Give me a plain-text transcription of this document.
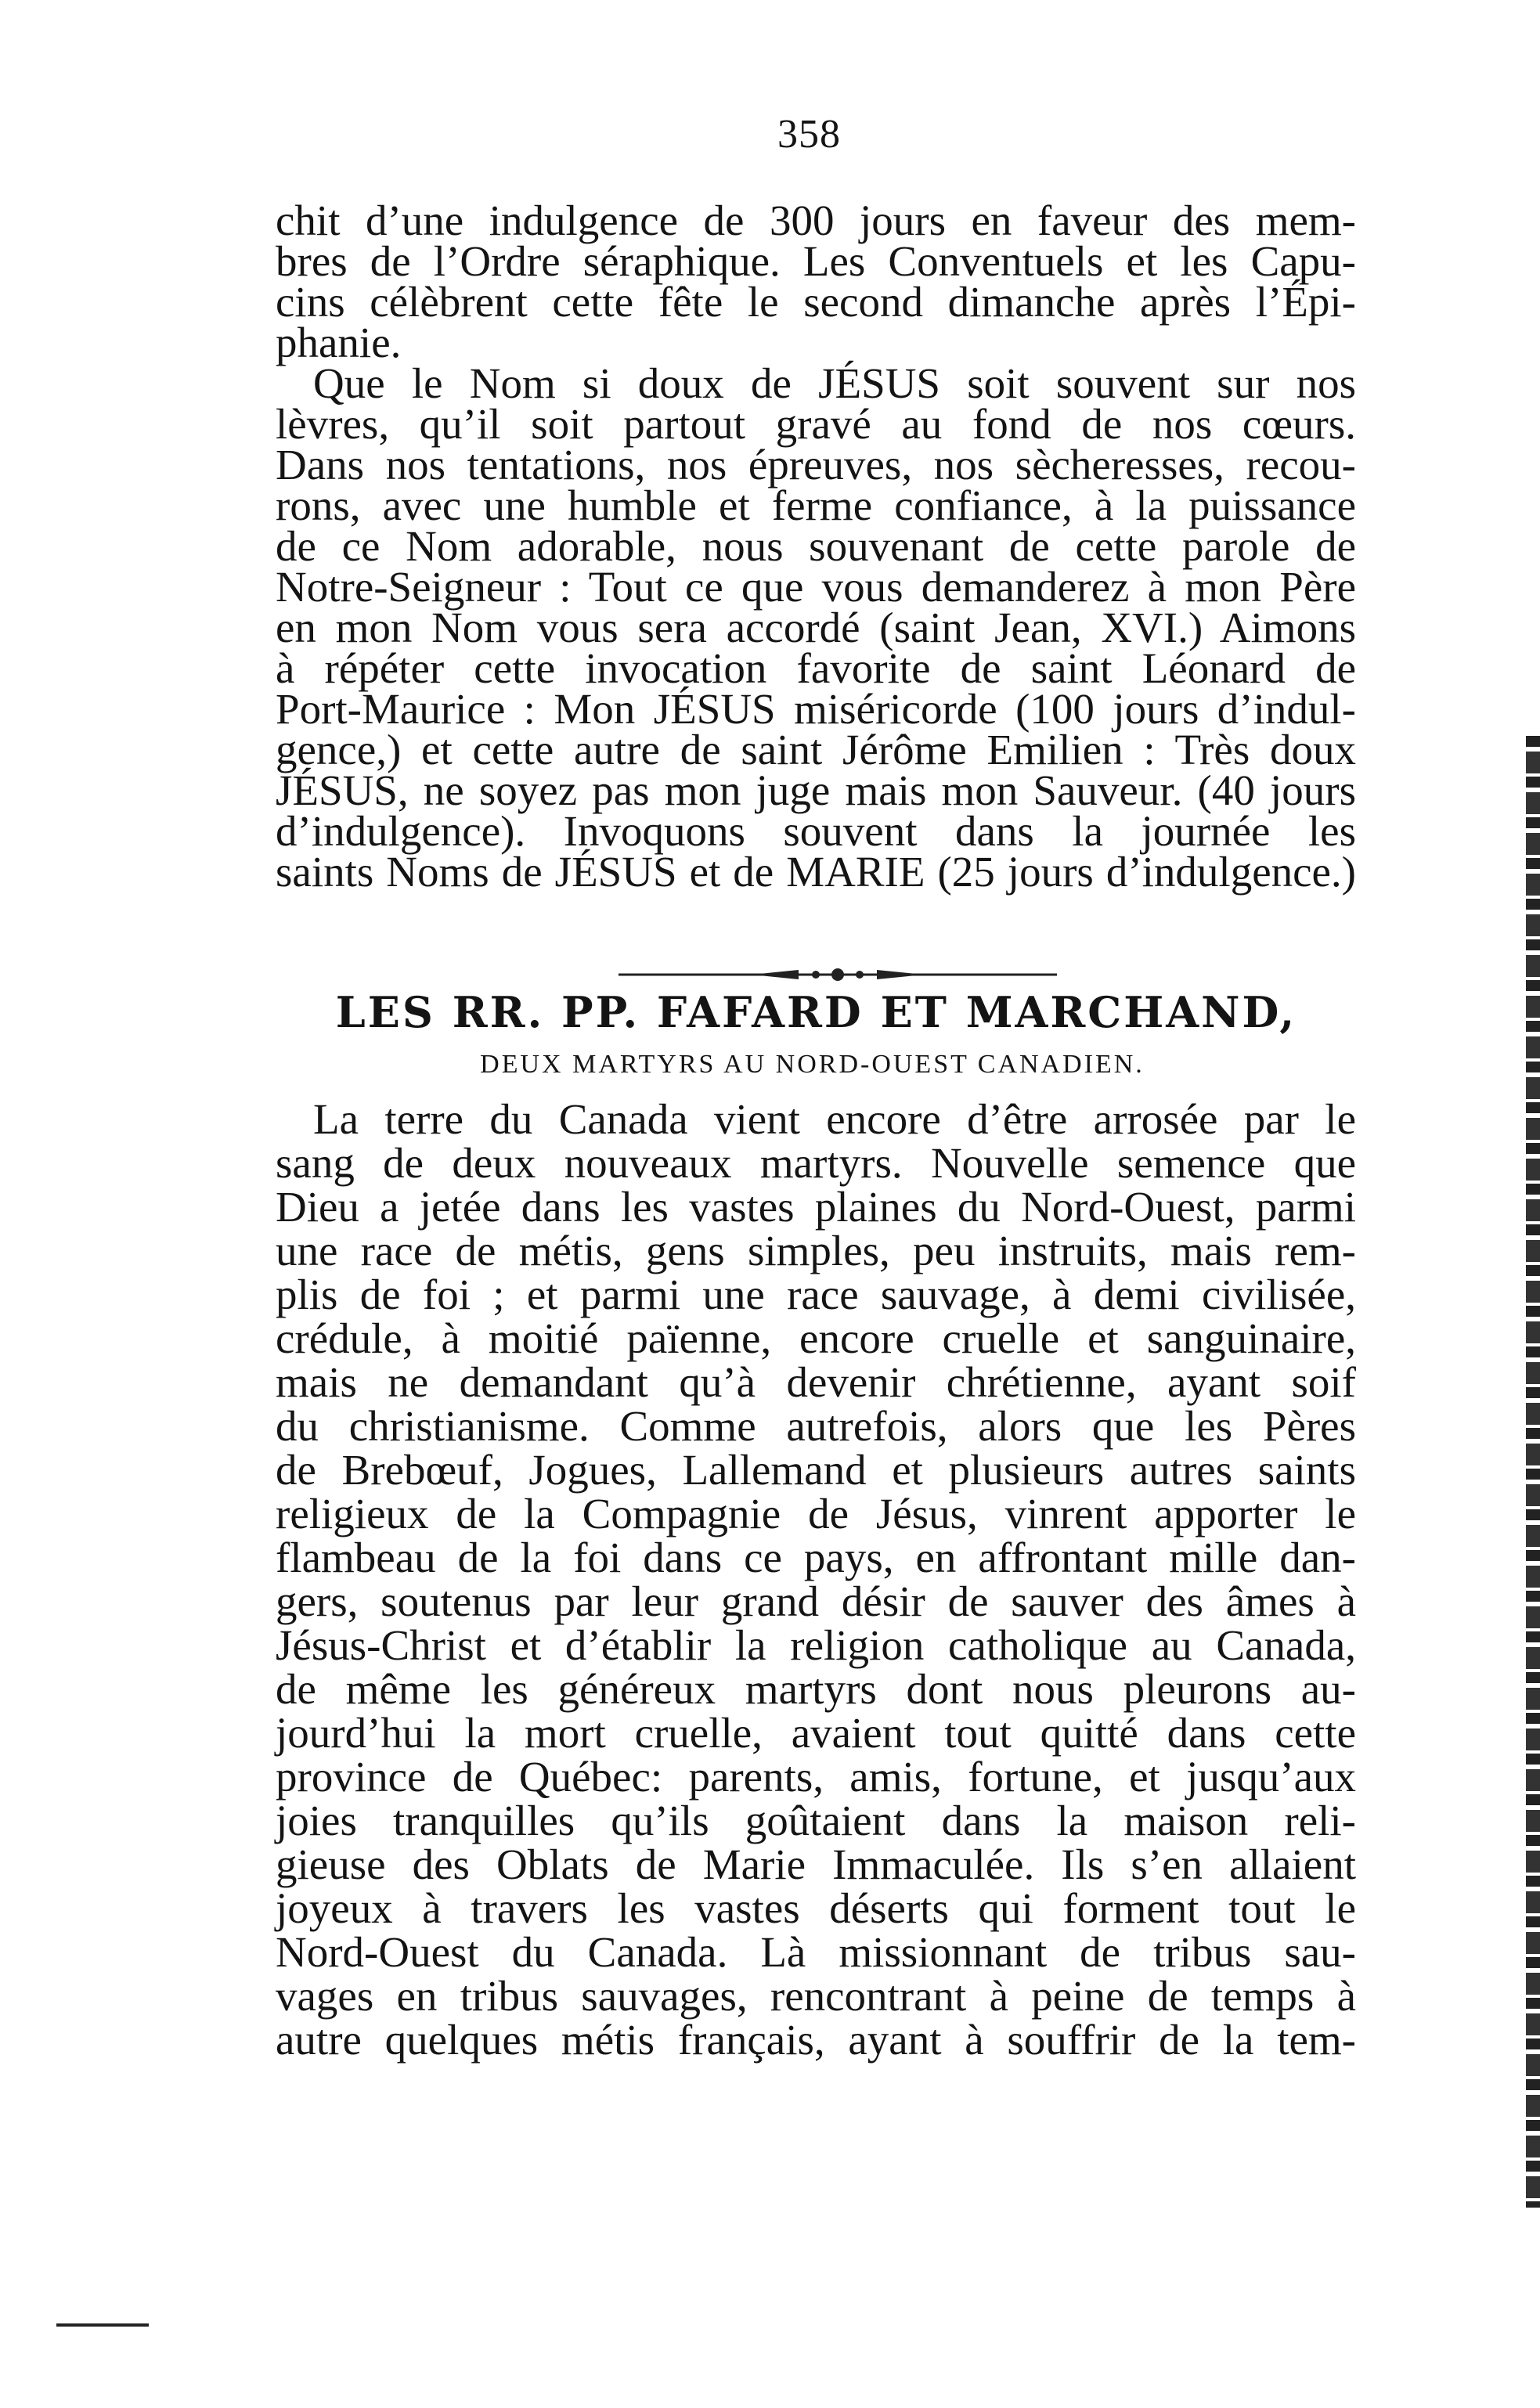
358
chit d’une indulgence de 300 jours en faveur des mem-
bres de l’Ordre séraphique. Les Conventuels et les Capu-
cins célèbrent cette fête le second dimanche après l’Épi-
phanie.
Que le Nom si doux de JÉSUS soit souvent sur nos
lèvres, qu’il soit partout gravé au fond de nos cœurs.
Dans nos tentations, nos épreuves, nos sècheresses, recou-
rons, avec une humble et ferme confiance, à la puissance
de ce Nom adorable, nous souvenant de cette parole de
Notre-Seigneur : Tout ce que vous demanderez à mon Père
en mon Nom vous sera accordé (saint Jean, XVI.) Aimons
à répéter cette invocation favorite de saint Léonard de
Port-Maurice : Mon JÉSUS miséricorde (100 jours d’indul-
gence,) et cette autre de saint Jérôme Emilien : Très doux
JÉSUS, ne soyez pas mon juge mais mon Sauveur. (40 jours
d’indulgence). Invoquons souvent dans la journée les
saints Noms de JÉSUS et de MARIE (25 jours d’indulgence.)
LES RR. PP. FAFARD ET MARCHAND,
DEUX MARTYRS AU NORD-OUEST CANADIEN.
La terre du Canada vient encore d’être arrosée par le
sang de deux nouveaux martyrs. Nouvelle semence que
Dieu a jetée dans les vastes plaines du Nord-Ouest, parmi
une race de métis, gens simples, peu instruits, mais rem-
plis de foi ; et parmi une race sauvage, à demi civilisée,
crédule, à moitié païenne, encore cruelle et sanguinaire,
mais ne demandant qu’à devenir chrétienne, ayant soif
du christianisme. Comme autrefois, alors que les Pères
de Brebœuf, Jogues, Lallemand et plusieurs autres saints
religieux de la Compagnie de Jésus, vinrent apporter le
flambeau de la foi dans ce pays, en affrontant mille dan-
gers, soutenus par leur grand désir de sauver des âmes à
Jésus-Christ et d’établir la religion catholique au Canada,
de même les généreux martyrs dont nous pleurons au-
jourd’hui la mort cruelle, avaient tout quitté dans cette
province de Québec: parents, amis, fortune, et jusqu’aux
joies tranquilles qu’ils goûtaient dans la maison reli-
gieuse des Oblats de Marie Immaculée. Ils s’en allaient
joyeux à travers les vastes déserts qui forment tout le
Nord-Ouest du Canada. Là missionnant de tribus sau-
vages en tribus sauvages, rencontrant à peine de temps à
autre quelques métis français, ayant à souffrir de la tem-
